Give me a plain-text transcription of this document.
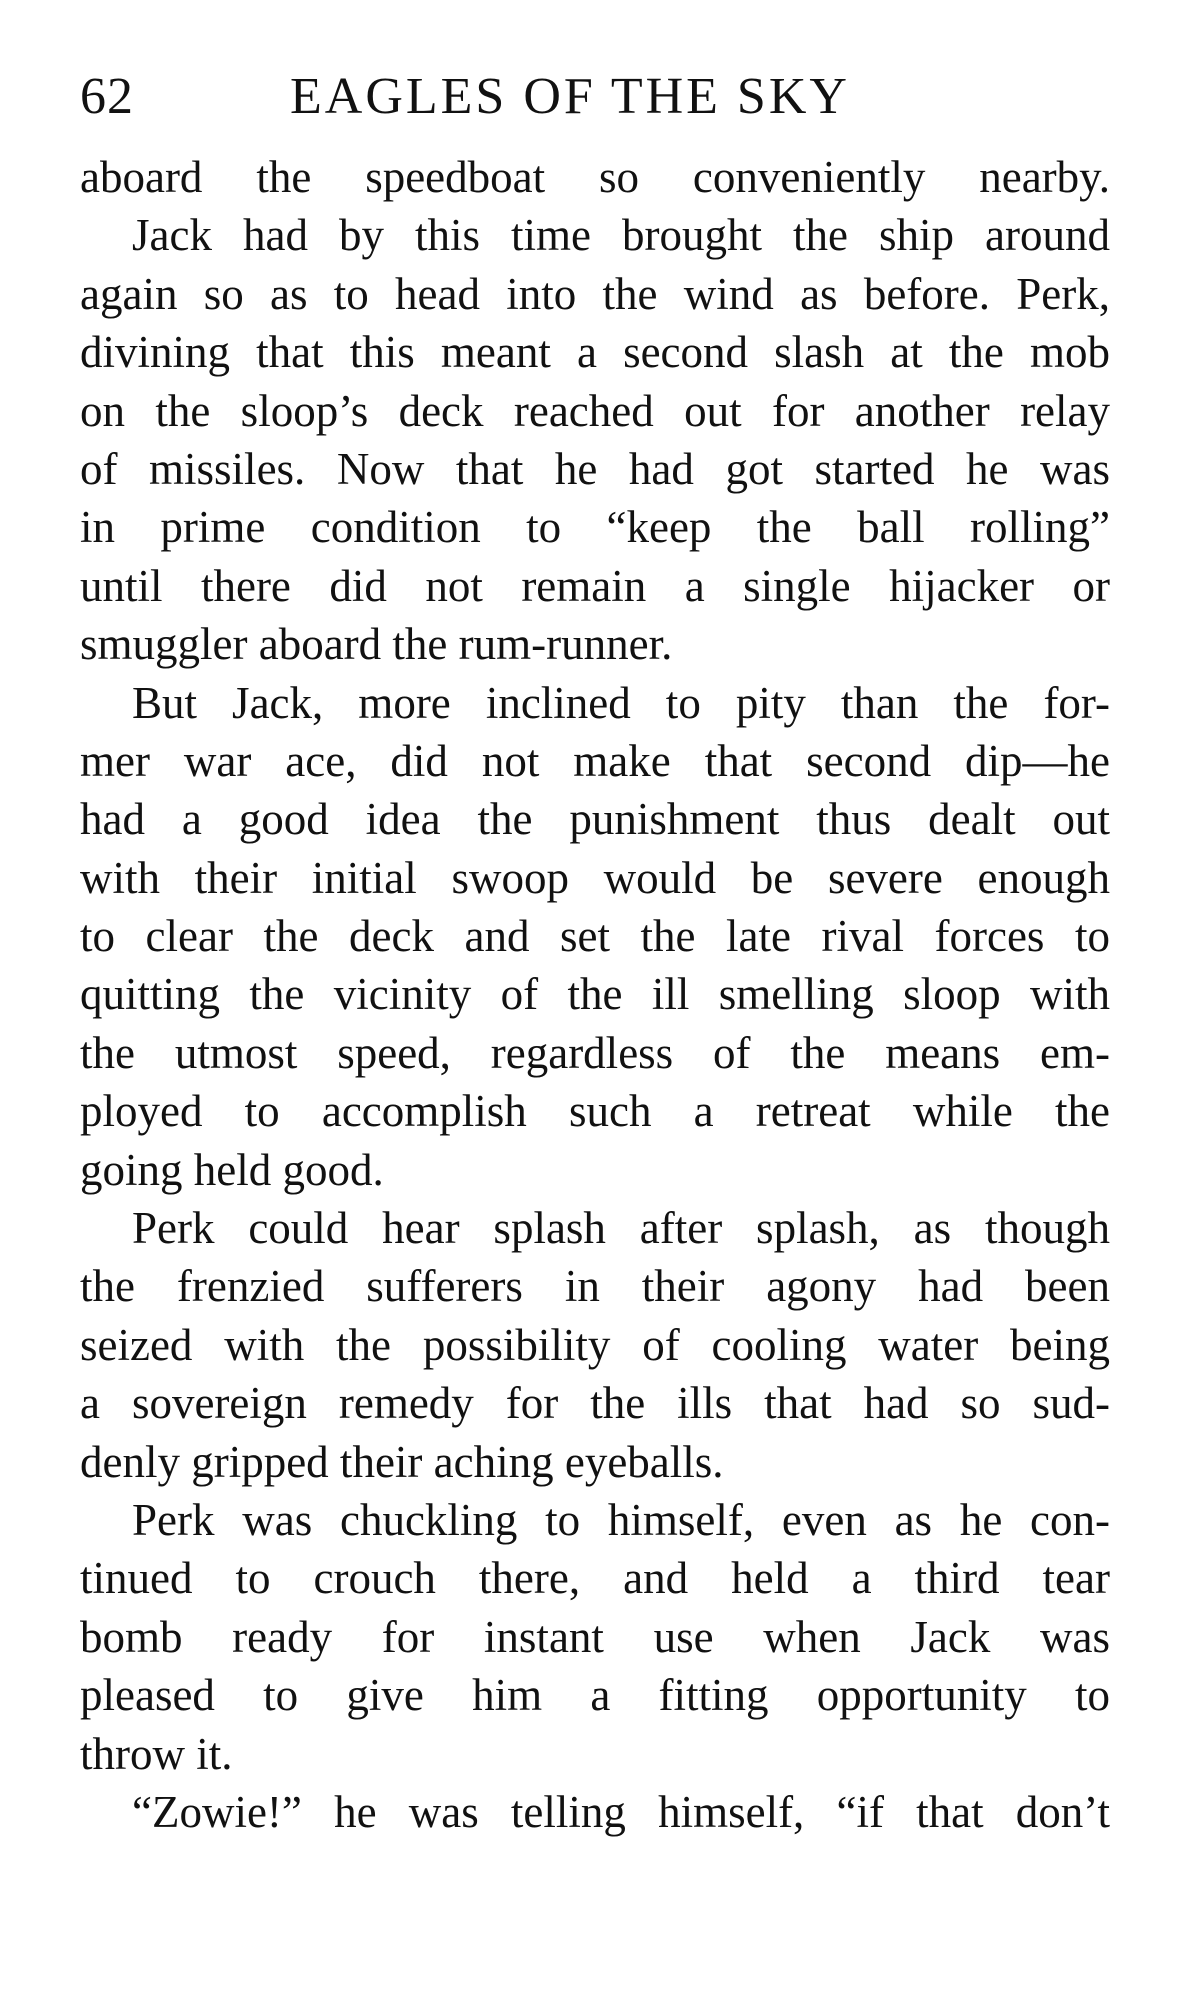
62	EAGLES OF THE SKY
aboard the speedboat so conveniently nearby.
Jack had by this time brought the ship around
again so as to head into the wind as before. Perk,
divining that this meant a second slash at the mob
on the sloop’s deck reached out for another relay
of missiles. Now that he had got started he was
in prime condition to “keep the ball rolling”
until there did not remain a single hijacker or
smuggler aboard the rum-runner.
But Jack, more inclined to pity than the for-
mer war ace, did not make that second dip—he
had a good idea the punishment thus dealt out
with their initial swoop would be severe enough
to clear the deck and set the late rival forces to
quitting the vicinity of the ill smelling sloop with
the utmost speed, regardless of the means em-
ployed to accomplish such a retreat while the
going held good.
Perk could hear splash after splash, as though
the frenzied sufferers in their agony had been
seized with the possibility of cooling water being
a sovereign remedy for the ills that had so sud-
denly gripped their aching eyeballs.
Perk was chuckling to himself, even as he con-
tinued to crouch there, and held a third tear
bomb ready for instant use when Jack was
pleased to give him a fitting opportunity to
throw it.
“Zowie!” he was telling himself, “if that don’t
